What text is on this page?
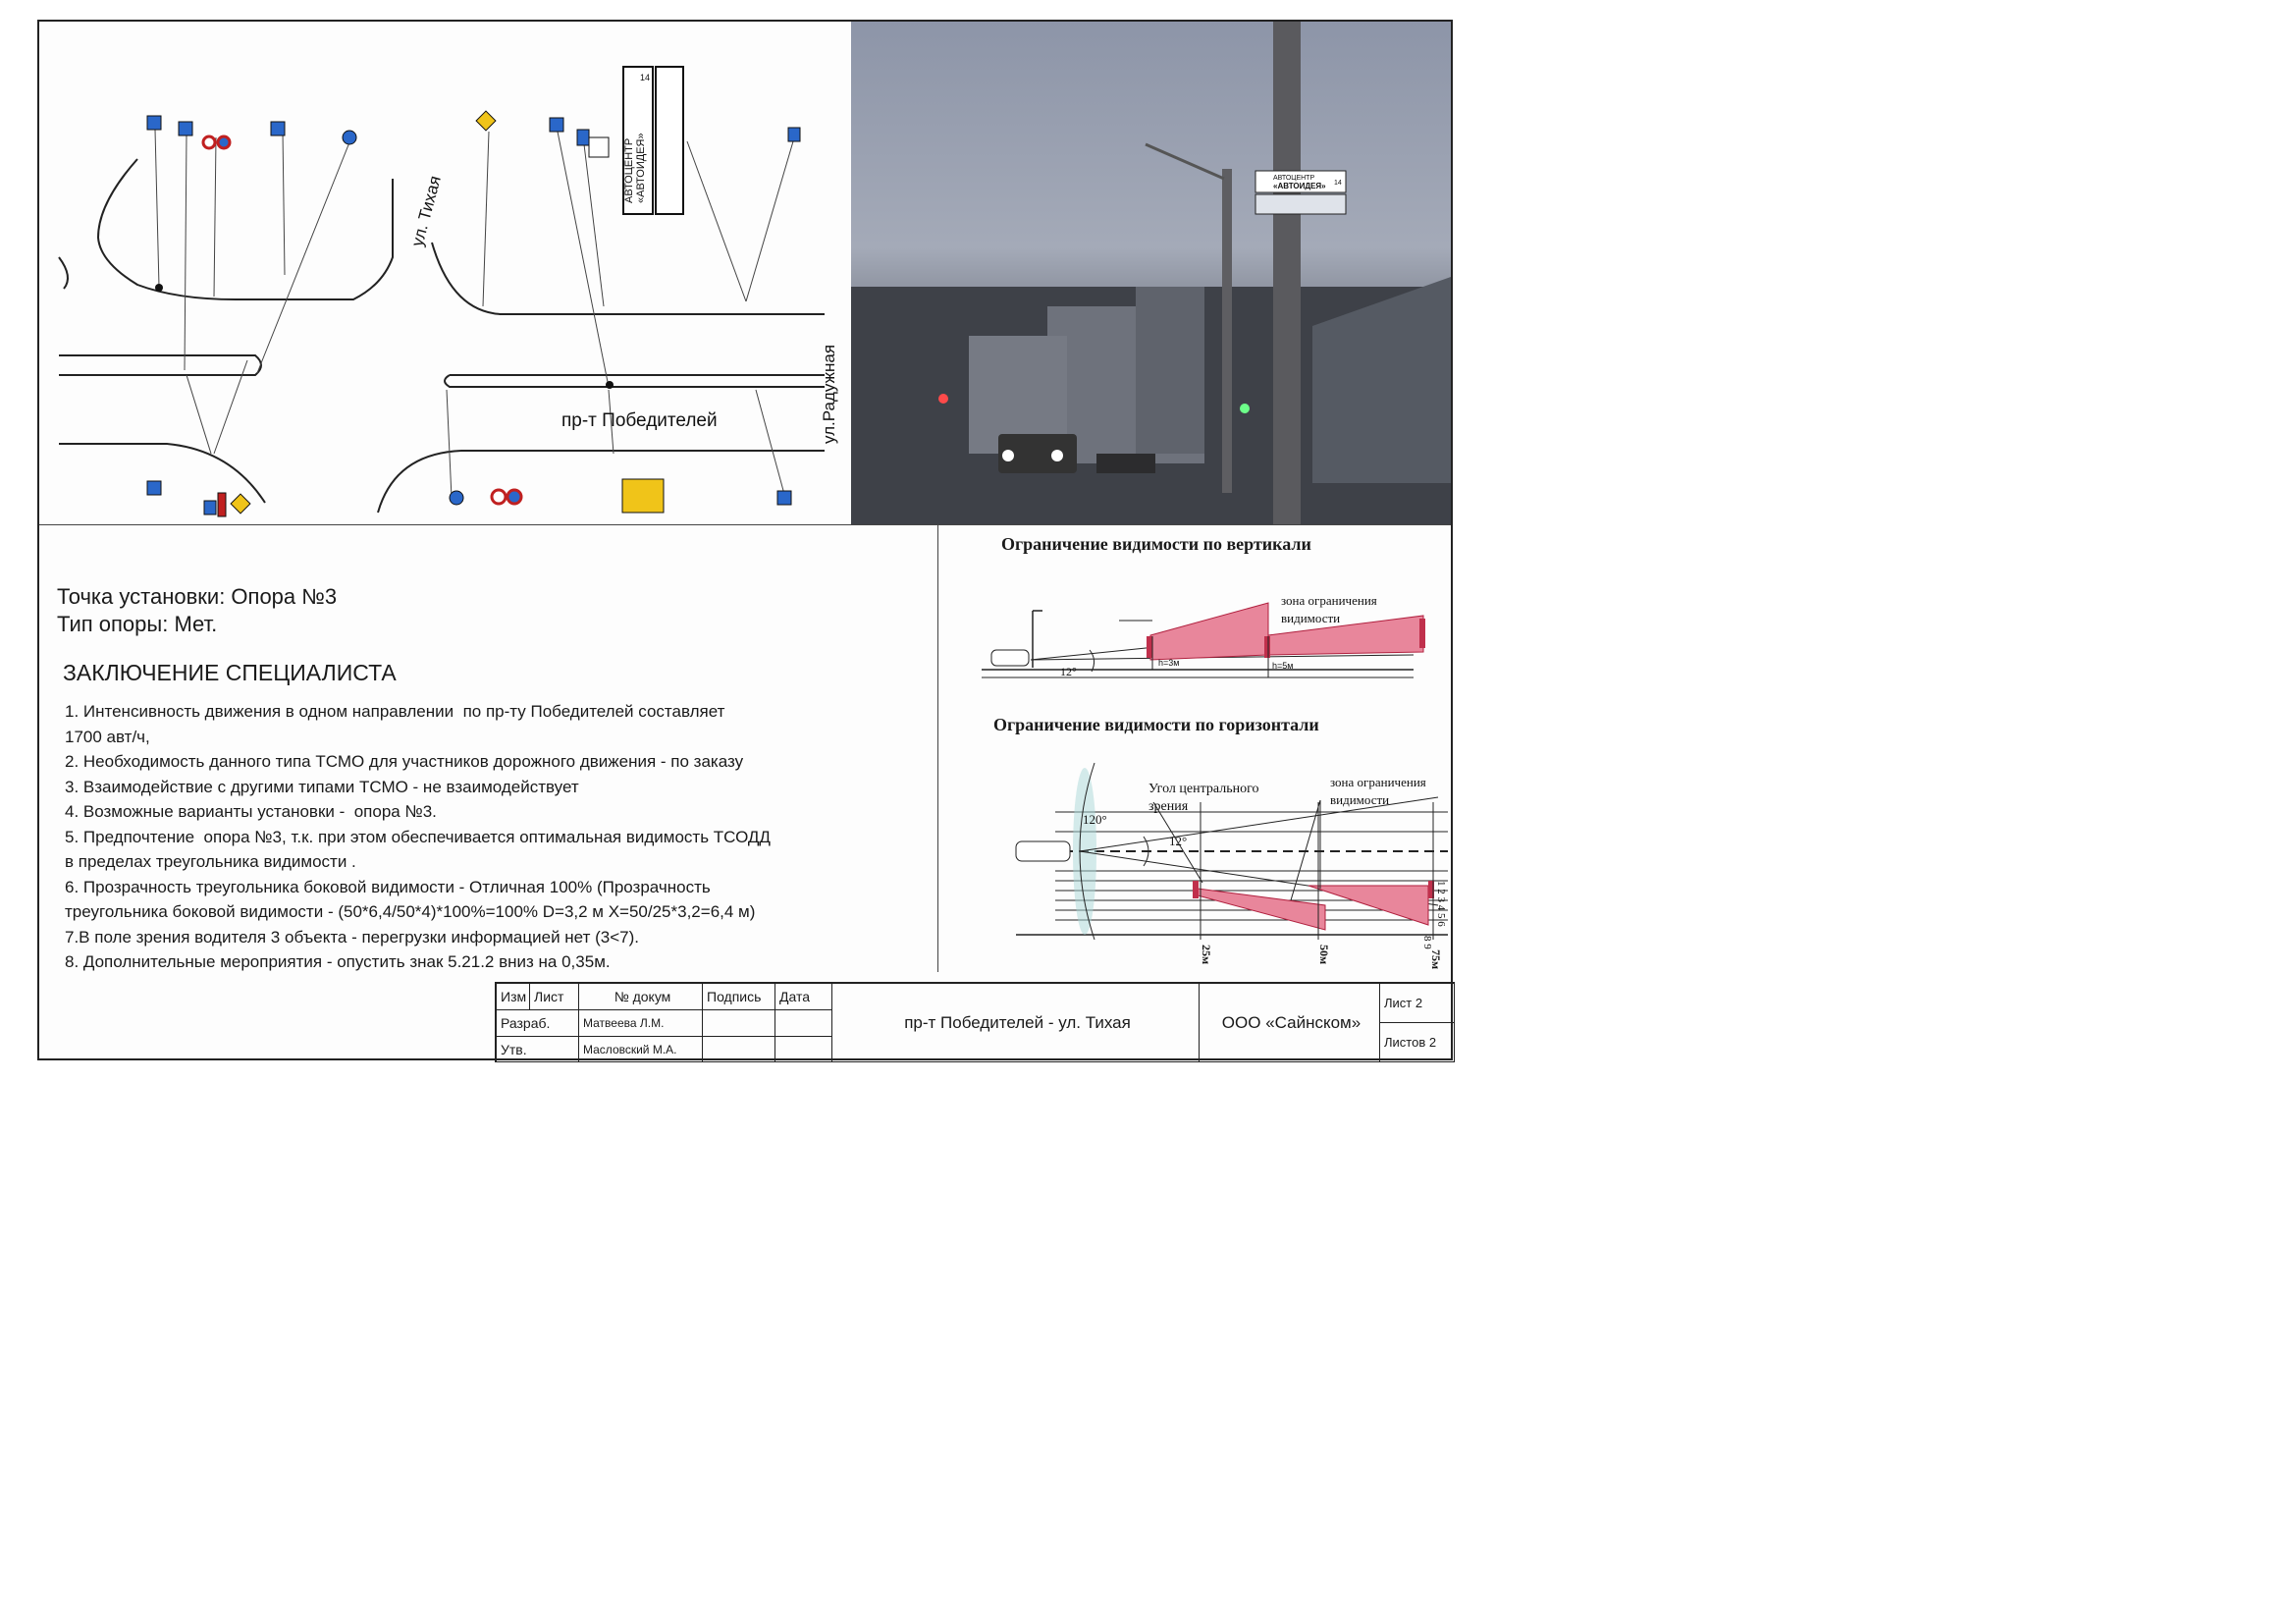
АВТОЦЕНТР «АВТОИДЕЯ»
14
ул. Тихая
ул.Радужная
пр-т Победителей
АВТОЦЕНТР
«АВТОИДЕЯ» 14
Точка установки: Опора №3
Тип опоры: Мет.
ЗАКЛЮЧЕНИЕ СПЕЦИАЛИСТА
1. Интенсивность движения в одном направлении  по пр-ту Победителей составляет
1700 авт/ч,
2. Необходимость данного типа ТСМО для участников дорожного движения - по заказу
3. Взаимодействие с другими типами ТСМО - не взаимодействует
4. Возможные варианты установки -  опора №3.
5. Предпочтение  опора №3, т.к. при этом обеспечивается оптимальная видимость ТСОДД
в пределах треугольника видимости .
6. Прозрачность треугольника боковой видимости - Отличная 100% (Прозрачность
треугольника боковой видимости - (50*6,4/50*4)*100%=100% D=3,2 м X=50/25*3,2=6,4 м)
7.В поле зрения водителя 3 объекта - перегрузки информацией нет (3<7).
8. Дополнительные мероприятия - опустить знак 5.21.2 вниз на 0,35м.
Ограничение видимости по вертикали
12°
h=3м	h=5м
зона ограничения
видимости
Ограничение видимости по горизонтали
120°
12°
Угол центрального
зрения
зона ограничения
видимости
25м	50м	75м
1 2 3 4 5 6
8 9
Изм Лист	№ докум	Подпись	Дата
Разраб.	Матвеева Л.М.
Утв.	Масловский М.А.
пр-т Победителей - ул. Тихая	ООО «Сайнском»
Лист 2
Листов 2
